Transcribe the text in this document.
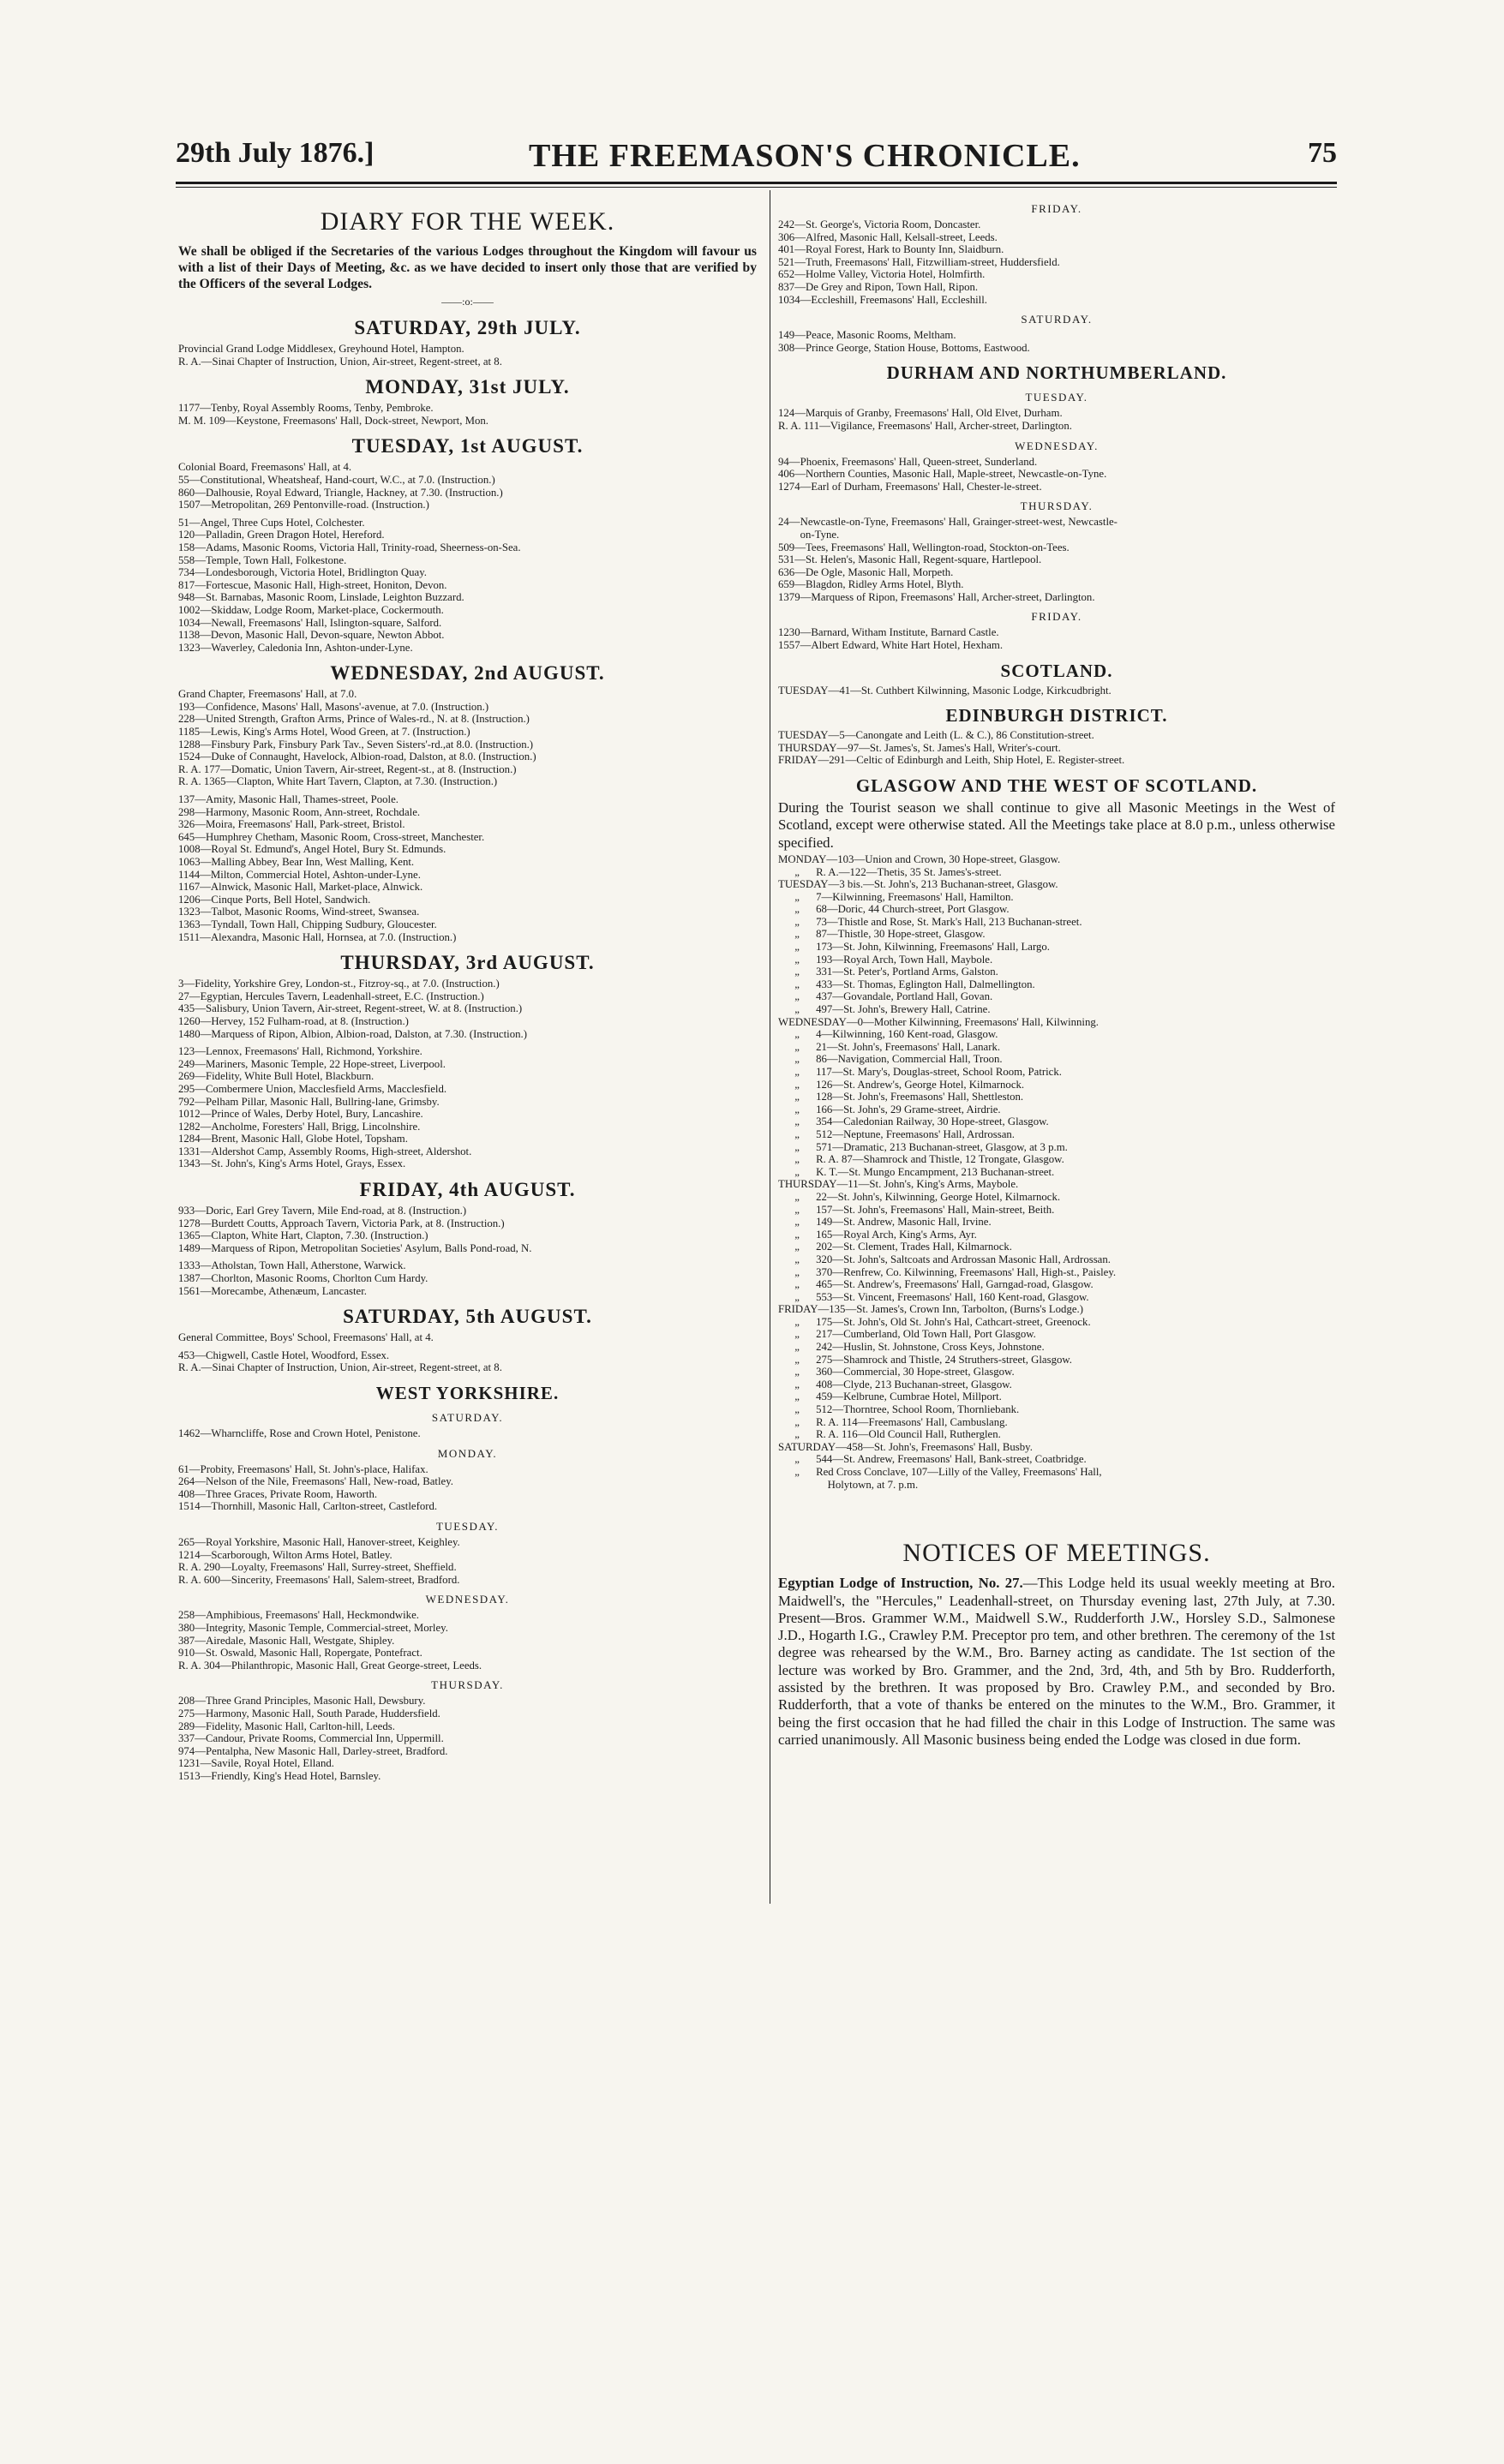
29th July 1876.]	THE FREEMASON'S CHRONICLE.	75
DIARY FOR THE WEEK.

We shall be obliged if the Secretaries of the various Lodges throughout the Kingdom will favour us with a list of their Days of Meeting, &c. as we have decided to insert only those that are verified by the Officers of the several Lodges.

——:o:——
SATURDAY, 29th JULY.
Provincial Grand Lodge Middlesex, Greyhound Hotel, Hampton.
R. A.—Sinai Chapter of Instruction, Union, Air-street, Regent-street, at 8.
MONDAY, 31st JULY.
1177—Tenby, Royal Assembly Rooms, Tenby, Pembroke.
M. M. 109—Keystone, Freemasons' Hall, Dock-street, Newport, Mon.
TUESDAY, 1st AUGUST.
Colonial Board, Freemasons' Hall, at 4.
55—Constitutional, Wheatsheaf, Hand-court, W.C., at 7.0. (Instruction.)
860—Dalhousie, Royal Edward, Triangle, Hackney, at 7.30. (Instruction.)
1507—Metropolitan, 269 Pentonville-road. (Instruction.)
51—Angel, Three Cups Hotel, Colchester.
120—Palladin, Green Dragon Hotel, Hereford.
158—Adams, Masonic Rooms, Victoria Hall, Trinity-road, Sheerness-on-Sea.
558—Temple, Town Hall, Folkestone.
734—Londesborough, Victoria Hotel, Bridlington Quay.
817—Fortescue, Masonic Hall, High-street, Honiton, Devon.
948—St. Barnabas, Masonic Room, Linslade, Leighton Buzzard.
1002—Skiddaw, Lodge Room, Market-place, Cockermouth.
1034—Newall, Freemasons' Hall, Islington-square, Salford.
1138—Devon, Masonic Hall, Devon-square, Newton Abbot.
1323—Waverley, Caledonia Inn, Ashton-under-Lyne.
WEDNESDAY, 2nd AUGUST.
Grand Chapter, Freemasons' Hall, at 7.0.
193—Confidence, Masons' Hall, Masons'-avenue, at 7.0. (Instruction.)
228—United Strength, Grafton Arms, Prince of Wales-rd., N. at 8. (Instruction.)
1185—Lewis, King's Arms Hotel, Wood Green, at 7. (Instruction.)
1288—Finsbury Park, Finsbury Park Tav., Seven Sisters'-rd.,at 8.0. (Instruction.)
1524—Duke of Connaught, Havelock, Albion-road, Dalston, at 8.0. (Instruction.)
R. A. 177—Domatic, Union Tavern, Air-street, Regent-st., at 8. (Instruction.)
R. A. 1365—Clapton, White Hart Tavern, Clapton, at 7.30. (Instruction.)
137—Amity, Masonic Hall, Thames-street, Poole.
298—Harmony, Masonic Room, Ann-street, Rochdale.
326—Moira, Freemasons' Hall, Park-street, Bristol.
645—Humphrey Chetham, Masonic Room, Cross-street, Manchester.
1008—Royal St. Edmund's, Angel Hotel, Bury St. Edmunds.
1063—Malling Abbey, Bear Inn, West Malling, Kent.
1144—Milton, Commercial Hotel, Ashton-under-Lyne.
1167—Alnwick, Masonic Hall, Market-place, Alnwick.
1206—Cinque Ports, Bell Hotel, Sandwich.
1323—Talbot, Masonic Rooms, Wind-street, Swansea.
1363—Tyndall, Town Hall, Chipping Sudbury, Gloucester.
1511—Alexandra, Masonic Hall, Hornsea, at 7.0. (Instruction.)
THURSDAY, 3rd AUGUST.
3—Fidelity, Yorkshire Grey, London-st., Fitzroy-sq., at 7.0. (Instruction.)
27—Egyptian, Hercules Tavern, Leadenhall-street, E.C. (Instruction.)
435—Salisbury, Union Tavern, Air-street, Regent-street, W. at 8. (Instruction.)
1260—Hervey, 152 Fulham-road, at 8. (Instruction.)
1480—Marquess of Ripon, Albion, Albion-road, Dalston, at 7.30. (Instruction.)
123—Lennox, Freemasons' Hall, Richmond, Yorkshire.
249—Mariners, Masonic Temple, 22 Hope-street, Liverpool.
269—Fidelity, White Bull Hotel, Blackburn.
295—Combermere Union, Macclesfield Arms, Macclesfield.
792—Pelham Pillar, Masonic Hall, Bullring-lane, Grimsby.
1012—Prince of Wales, Derby Hotel, Bury, Lancashire.
1282—Ancholme, Foresters' Hall, Brigg, Lincolnshire.
1284—Brent, Masonic Hall, Globe Hotel, Topsham.
1331—Aldershot Camp, Assembly Rooms, High-street, Aldershot.
1343—St. John's, King's Arms Hotel, Grays, Essex.
FRIDAY, 4th AUGUST.
933—Doric, Earl Grey Tavern, Mile End-road, at 8. (Instruction.)
1278—Burdett Coutts, Approach Tavern, Victoria Park, at 8. (Instruction.)
1365—Clapton, White Hart, Clapton, 7.30. (Instruction.)
1489—Marquess of Ripon, Metropolitan Societies' Asylum, Balls Pond-road, N.
1333—Atholstan, Town Hall, Atherstone, Warwick.
1387—Chorlton, Masonic Rooms, Chorlton Cum Hardy.
1561—Morecambe, Athenæum, Lancaster.
SATURDAY, 5th AUGUST.
General Committee, Boys' School, Freemasons' Hall, at 4.
453—Chigwell, Castle Hotel, Woodford, Essex.
R. A.—Sinai Chapter of Instruction, Union, Air-street, Regent-street, at 8.
WEST YORKSHIRE.
SATURDAY.
1462—Wharncliffe, Rose and Crown Hotel, Penistone.
MONDAY.
61—Probity, Freemasons' Hall, St. John's-place, Halifax.
264—Nelson of the Nile, Freemasons' Hall, New-road, Batley.
408—Three Graces, Private Room, Haworth.
1514—Thornhill, Masonic Hall, Carlton-street, Castleford.
TUESDAY.
265—Royal Yorkshire, Masonic Hall, Hanover-street, Keighley.
1214—Scarborough, Wilton Arms Hotel, Batley.
R. A. 290—Loyalty, Freemasons' Hall, Surrey-street, Sheffield.
R. A. 600—Sincerity, Freemasons' Hall, Salem-street, Bradford.
WEDNESDAY.
258—Amphibious, Freemasons' Hall, Heckmondwike.
380—Integrity, Masonic Temple, Commercial-street, Morley.
387—Airedale, Masonic Hall, Westgate, Shipley.
910—St. Oswald, Masonic Hall, Ropergate, Pontefract.
R. A. 304—Philanthropic, Masonic Hall, Great George-street, Leeds.
THURSDAY.
208—Three Grand Principles, Masonic Hall, Dewsbury.
275—Harmony, Masonic Hall, South Parade, Huddersfield.
289—Fidelity, Masonic Hall, Carlton-hill, Leeds.
337—Candour, Private Rooms, Commercial Inn, Uppermill.
974—Pentalpha, New Masonic Hall, Darley-street, Bradford.
1231—Savile, Royal Hotel, Elland.
1513—Friendly, King's Head Hotel, Barnsley.
FRIDAY.
242—St. George's, Victoria Room, Doncaster.
306—Alfred, Masonic Hall, Kelsall-street, Leeds.
401—Royal Forest, Hark to Bounty Inn, Slaidburn.
521—Truth, Freemasons' Hall, Fitzwilliam-street, Huddersfield.
652—Holme Valley, Victoria Hotel, Holmfirth.
837—De Grey and Ripon, Town Hall, Ripon.
1034—Eccleshill, Freemasons' Hall, Eccleshill.
SATURDAY.
149—Peace, Masonic Rooms, Meltham.
308—Prince George, Station House, Bottoms, Eastwood.
DURHAM AND NORTHUMBERLAND.
TUESDAY.
124—Marquis of Granby, Freemasons' Hall, Old Elvet, Durham.
R. A. 111—Vigilance, Freemasons' Hall, Archer-street, Darlington.
WEDNESDAY.
94—Phoenix, Freemasons' Hall, Queen-street, Sunderland.
406—Northern Counties, Masonic Hall, Maple-street, Newcastle-on-Tyne.
1274—Earl of Durham, Freemasons' Hall, Chester-le-street.
THURSDAY.
24—Newcastle-on-Tyne, Freemasons' Hall, Grainger-street-west, Newcastle-
on-Tyne.
509—Tees, Freemasons' Hall, Wellington-road, Stockton-on-Tees.
531—St. Helen's, Masonic Hall, Regent-square, Hartlepool.
636—De Ogle, Masonic Hall, Morpeth.
659—Blagdon, Ridley Arms Hotel, Blyth.
1379—Marquess of Ripon, Freemasons' Hall, Archer-street, Darlington.
FRIDAY.
1230—Barnard, Witham Institute, Barnard Castle.
1557—Albert Edward, White Hart Hotel, Hexham.
SCOTLAND.
TUESDAY—41—St. Cuthbert Kilwinning, Masonic Lodge, Kirkcudbright.
EDINBURGH DISTRICT.
TUESDAY—5—Canongate and Leith (L. & C.), 86 Constitution-street.
THURSDAY—97—St. James's, St. James's Hall, Writer's-court.
FRIDAY—291—Celtic of Edinburgh and Leith, Ship Hotel, E. Register-street.
GLASGOW AND THE WEST OF SCOTLAND.

During the Tourist season we shall continue to give all Masonic Meetings in the West of Scotland, except were otherwise stated. All the Meetings take place at 8.0 p.m., unless otherwise specified.

MONDAY—103—Union and Crown, 30 Hope-street, Glasgow.
„      R. A.—122—Thetis, 35 St. James's-street.
TUESDAY—3 bis.—St. John's, 213 Buchanan-street, Glasgow.
„      7—Kilwinning, Freemasons' Hall, Hamilton.
„      68—Doric, 44 Church-street, Port Glasgow.
„      73—Thistle and Rose, St. Mark's Hall, 213 Buchanan-street.
„      87—Thistle, 30 Hope-street, Glasgow.
„      173—St. John, Kilwinning, Freemasons' Hall, Largo.
„      193—Royal Arch, Town Hall, Maybole.
„      331—St. Peter's, Portland Arms, Galston.
„      433—St. Thomas, Eglington Hall, Dalmellington.
„      437—Govandale, Portland Hall, Govan.
„      497—St. John's, Brewery Hall, Catrine.
WEDNESDAY—0—Mother Kilwinning, Freemasons' Hall, Kilwinning.
„      4—Kilwinning, 160 Kent-road, Glasgow.
„      21—St. John's, Freemasons' Hall, Lanark.
„      86—Navigation, Commercial Hall, Troon.
„      117—St. Mary's, Douglas-street, School Room, Patrick.
„      126—St. Andrew's, George Hotel, Kilmarnock.
„      128—St. John's, Freemasons' Hall, Shettleston.
„      166—St. John's, 29 Grame-street, Airdrie.
„      354—Caledonian Railway, 30 Hope-street, Glasgow.
„      512—Neptune, Freemasons' Hall, Ardrossan.
„      571—Dramatic, 213 Buchanan-street, Glasgow, at 3 p.m.
„      R. A. 87—Shamrock and Thistle, 12 Trongate, Glasgow.
„      K. T.—St. Mungo Encampment, 213 Buchanan-street.
THURSDAY—11—St. John's, King's Arms, Maybole.
„      22—St. John's, Kilwinning, George Hotel, Kilmarnock.
„      157—St. John's, Freemasons' Hall, Main-street, Beith.
„      149—St. Andrew, Masonic Hall, Irvine.
„      165—Royal Arch, King's Arms, Ayr.
„      202—St. Clement, Trades Hall, Kilmarnock.
„      320—St. John's, Saltcoats and Ardrossan Masonic Hall, Ardrossan.
„      370—Renfrew, Co. Kilwinning, Freemasons' Hall, High-st., Paisley.
„      465—St. Andrew's, Freemasons' Hall, Garngad-road, Glasgow.
„      553—St. Vincent, Freemasons' Hall, 160 Kent-road, Glasgow.
FRIDAY—135—St. James's, Crown Inn, Tarbolton, (Burns's Lodge.)
„      175—St. John's, Old St. John's Hal, Cathcart-street, Greenock.
„      217—Cumberland, Old Town Hall, Port Glasgow.
„      242—Huslin, St. Johnstone, Cross Keys, Johnstone.
„      275—Shamrock and Thistle, 24 Struthers-street, Glasgow.
„      360—Commercial, 30 Hope-street, Glasgow.
„      408—Clyde, 213 Buchanan-street, Glasgow.
„      459—Kelbrune, Cumbrae Hotel, Millport.
„      512—Thorntree, School Room, Thornliebank.
„      R. A. 114—Freemasons' Hall, Cambuslang.
„      R. A. 116—Old Council Hall, Rutherglen.
SATURDAY—458—St. John's, Freemasons' Hall, Busby.
„      544—St. Andrew, Freemasons' Hall, Bank-street, Coatbridge.
„      Red Cross Conclave, 107—Lilly of the Valley, Freemasons' Hall,
Holytown, at 7. p.m.
NOTICES OF MEETINGS.

Egyptian Lodge of Instruction, No. 27.—This Lodge held its usual weekly meeting at Bro. Maidwell's, the "Hercules," Leadenhall-street, on Thursday evening last, 27th July, at 7.30. Present—Bros. Grammer W.M., Maidwell S.W., Rudderforth J.W., Horsley S.D., Salmonese J.D., Hogarth I.G., Crawley P.M. Preceptor pro tem, and other brethren. The ceremony of the 1st degree was rehearsed by the W.M., Bro. Barney acting as candidate. The 1st section of the lecture was worked by Bro. Grammer, and the 2nd, 3rd, 4th, and 5th by Bro. Rudderforth, assisted by the brethren. It was proposed by Bro. Crawley P.M., and seconded by Bro. Rudderforth, that a vote of thanks be entered on the minutes to the W.M., Bro. Grammer, it being the first occasion that he had filled the chair in this Lodge of Instruction. The same was carried unanimously. All Masonic business being ended the Lodge was closed in due form.
